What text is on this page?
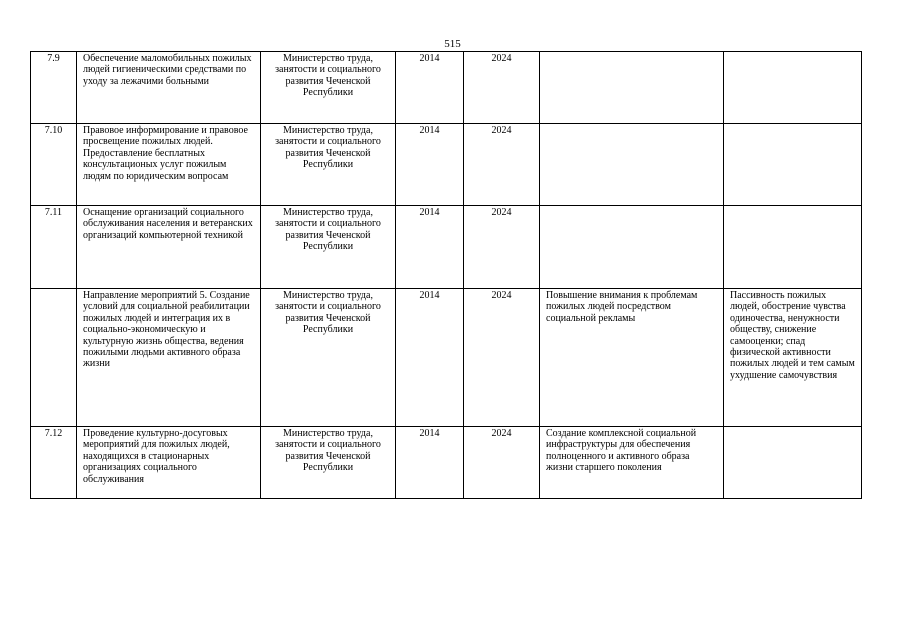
515
7.9	Обеспечение маломобильных пожилых людей гигиеническими средствами по уходу за лежачими больными	Министерство труда, занятости и социального развития Чеченской Республики	2014	2024		
7.10	Правовое информирование и правовое просвещение пожилых людей. Предоставление бесплатных консультационых услуг пожилым людям по юридическим вопросам	Министерство труда, занятости и социального развития Чеченской Республики	2014	2024		
7.11	Оснащение организаций социального обслуживания населения и ветеранских организаций компьютерной техникой	Министерство труда, занятости и социального развития Чеченской Республики	2014	2024		
	Направление мероприятий 5. Создание условий для социальной реабилитации пожилых людей и интеграция их в социально-экономическую и культурную жизнь общества, ведения пожилыми людьми активного образа жизни	Министерство труда, занятости и социального развития Чеченской Республики	2014	2024	Повышение внимания к проблемам пожилых людей посредством социальной рекламы	Пассивность пожилых людей, обострение чувства одиночества, ненужности обществу, снижение самооценки; спад физической активности пожилых людей и тем самым ухудшение самочувствия
7.12	Проведение культурно-досуговых мероприятий для пожилых людей, находящихся в стационарных организациях социального обслуживания	Министерство труда, занятости и социального развития Чеченской Республики	2014	2024	Создание комплексной социальной инфраструктуры для обеспечения полноценного и активного образа жизни старшего поколения	
